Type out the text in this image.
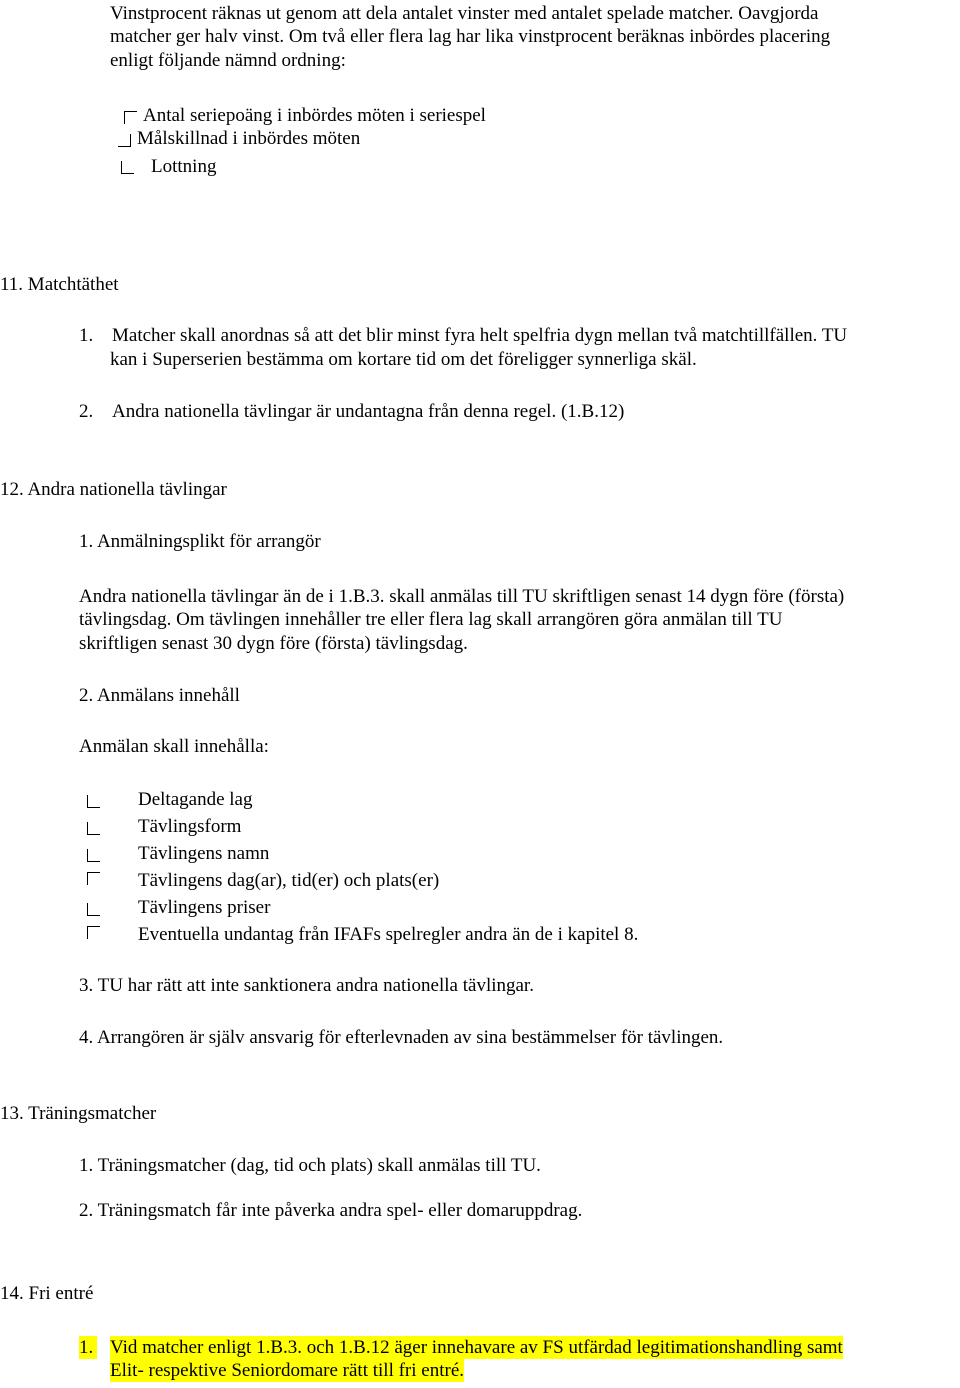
Vinstprocent räknas ut genom att dela antalet vinster med antalet spelade matcher. Oavgjorda
matcher ger halv vinst. Om två eller flera lag har lika vinstprocent beräknas inbördes placering
enligt följande nämnd ordning:
Antal seriepoäng i inbördes möten i seriespel
Målskillnad i inbördes möten
Lottning
11. Matchtäthet
1. Matcher skall anordnas så att det blir minst fyra helt spelfria dygn mellan två matchtillfällen. TU
kan i Superserien bestämma om kortare tid om det föreligger synnerliga skäl.
2. Andra nationella tävlingar är undantagna från denna regel. (1.B.12)
12. Andra nationella tävlingar
1. Anmälningsplikt för arrangör
Andra nationella tävlingar än de i 1.B.3. skall anmälas till TU skriftligen senast 14 dygn före (första)
tävlingsdag. Om tävlingen innehåller tre eller flera lag skall arrangören göra anmälan till TU
skriftligen senast 30 dygn före (första) tävlingsdag.
2. Anmälans innehåll
Anmälan skall innehålla:
Deltagande lag
Tävlingsform
Tävlingens namn
Tävlingens dag(ar), tid(er) och plats(er)
Tävlingens priser
Eventuella undantag från IFAFs spelregler andra än de i kapitel 8.
3. TU har rätt att inte sanktionera andra nationella tävlingar.
4. Arrangören är själv ansvarig för efterlevnaden av sina bestämmelser för tävlingen.
13. Träningsmatcher
1. Träningsmatcher (dag, tid och plats) skall anmälas till TU.
2. Träningsmatch får inte påverka andra spel- eller domaruppdrag.
14. Fri entré
1. Vid matcher enligt 1.B.3. och 1.B.12 äger innehavare av FS utfärdad legitimationshandling samt
Elit- respektive Seniordomare rätt till fri entré.
